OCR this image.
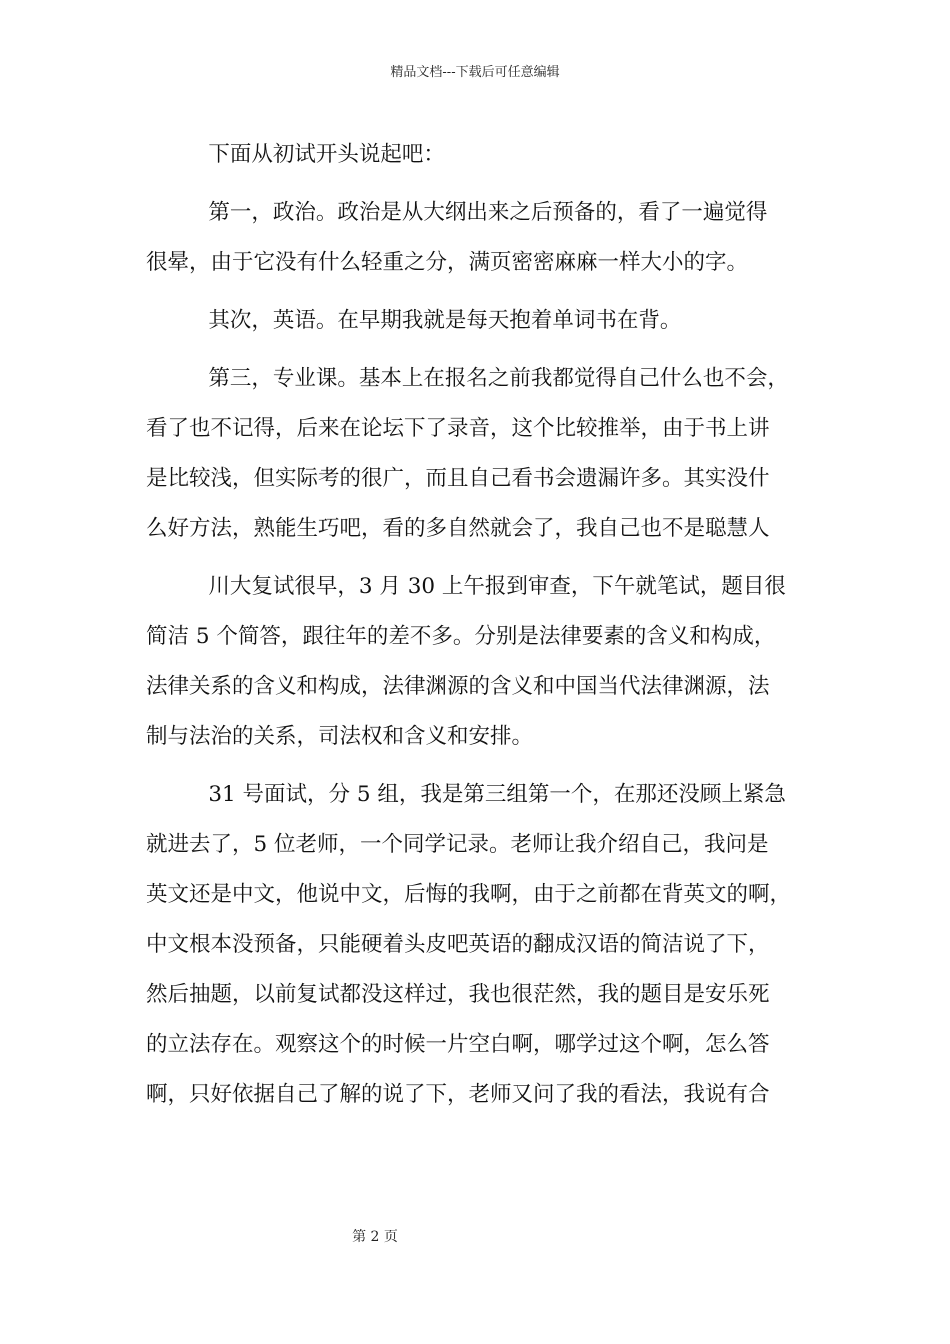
精品文档---下载后可任意编辑
下面从初试开头说起吧：
第一，政治。政治是从大纲出来之后预备的，看了一遍觉得
很晕，由于它没有什么轻重之分，满页密密麻麻一样大小的字。
其次，英语。在早期我就是每天抱着单词书在背。
第三，专业课。基本上在报名之前我都觉得自己什么也不会，
看了也不记得，后来在论坛下了录音，这个比较推举，由于书上讲
是比较浅，但实际考的很广，而且自己看书会遗漏许多。其实没什
么好方法，熟能生巧吧，看的多自然就会了，我自己也不是聪慧人
川大复试很早，3 月 30 上午报到审查，下午就笔试，题目很
简洁 5 个简答，跟往年的差不多。分别是法律要素的含义和构成，
法律关系的含义和构成，法律渊源的含义和中国当代法律渊源，法
制与法治的关系，司法权和含义和安排。
31 号面试，分 5 组，我是第三组第一个，在那还没顾上紧急
就进去了，5 位老师，一个同学记录。老师让我介绍自己，我问是
英文还是中文，他说中文，后悔的我啊，由于之前都在背英文的啊，
中文根本没预备，只能硬着头皮吧英语的翻成汉语的简洁说了下，
然后抽题，以前复试都没这样过，我也很茫然，我的题目是安乐死
的立法存在。观察这个的时候一片空白啊，哪学过这个啊，怎么答
啊，只好依据自己了解的说了下，老师又问了我的看法，我说有合
第 2 页
